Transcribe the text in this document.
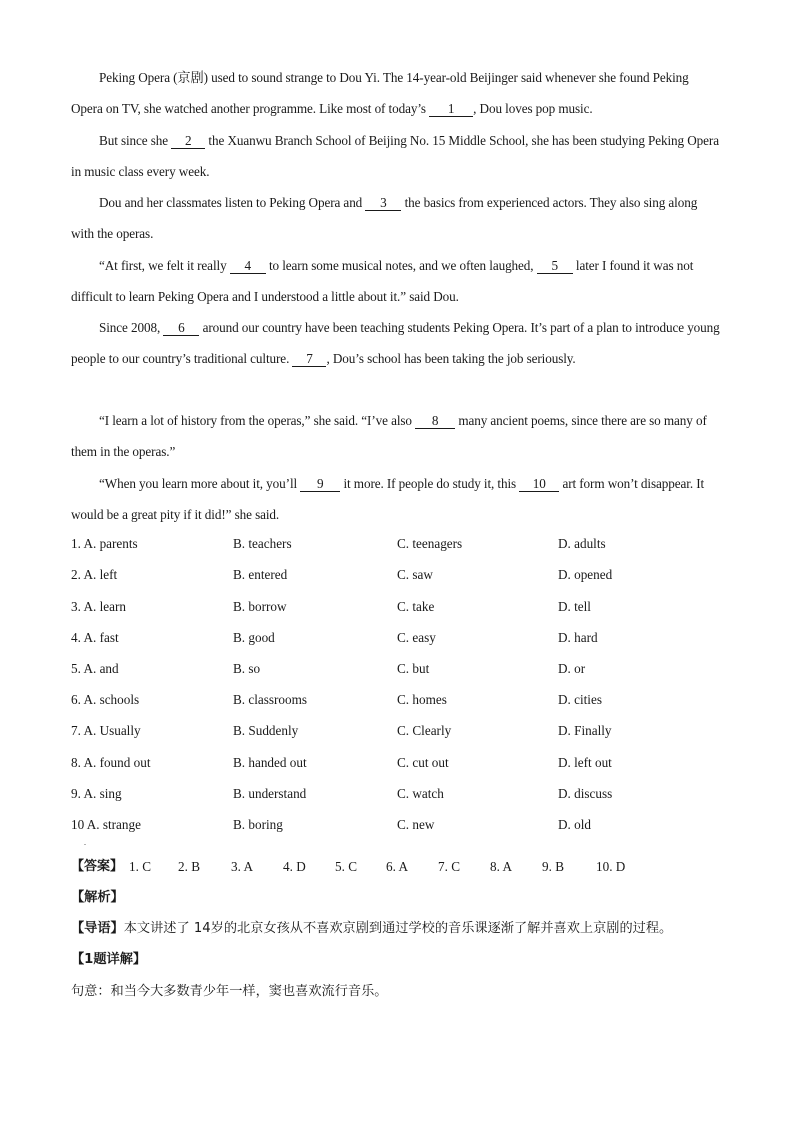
Peking Opera (京剧) used to sound strange to Dou Yi. The 14-year-old Beijinger said whenever she found Peking Opera on TV, she watched another programme. Like most of today’s 1 , Dou loves pop music.
But since she 2 the Xuanwu Branch School of Beijing No. 15 Middle School, she has been studying Peking Opera in music class every week.
Dou and her classmates listen to Peking Opera and 3 the basics from experienced actors. They also sing along with the operas.
“At first, we felt it really 4 to learn some musical notes, and we often laughed, 5 later I found it was not difficult to learn Peking Opera and I understood a little about it.” said Dou.
Since 2008, 6 around our country have been teaching students Peking Opera. It’s part of a plan to introduce young people to our country’s traditional culture. 7 , Dou’s school has been taking the job seriously.
“I learn a lot of history from the operas,” she said. “I’ve also 8 many ancient poems, since there are so many of them in the operas.”
“When you learn more about it, you’ll 9 it more. If people do study it, this 10 art form won’t disappear. It would be a great pity if it did!” she said.
1. A. parents	B. teachers	C. teenagers	D. adults
2. A. left	B. entered	C. saw	D. opened
3. A. learn	B. borrow	C. take	D. tell
4. A. fast	B. good	C. easy	D. hard
5. A. and	B. so	C. but	D. or
6. A. schools	B. classrooms	C. homes	D. cities
7. A. Usually	B. Suddenly	C. Clearly	D. Finally
8. A. found out	B. handed out	C. cut out	D. left out
9. A. sing	B. understand	C. watch	D. discuss
10 A. strange	B. boring	C. new	D. old
.
【答案】 1. C 2. B 3. A 4. D 5. C 6. A 7. C 8. A 9. B 10. D
【解析】
【导语】本文讲述了 14岁的北京女孩从不喜欢京剧到通过学校的音乐课逐渐了解并喜欢上京剧的过程。
【1题详解】
句意：和当今大多数青少年一样，窦也喜欢流行音乐。
